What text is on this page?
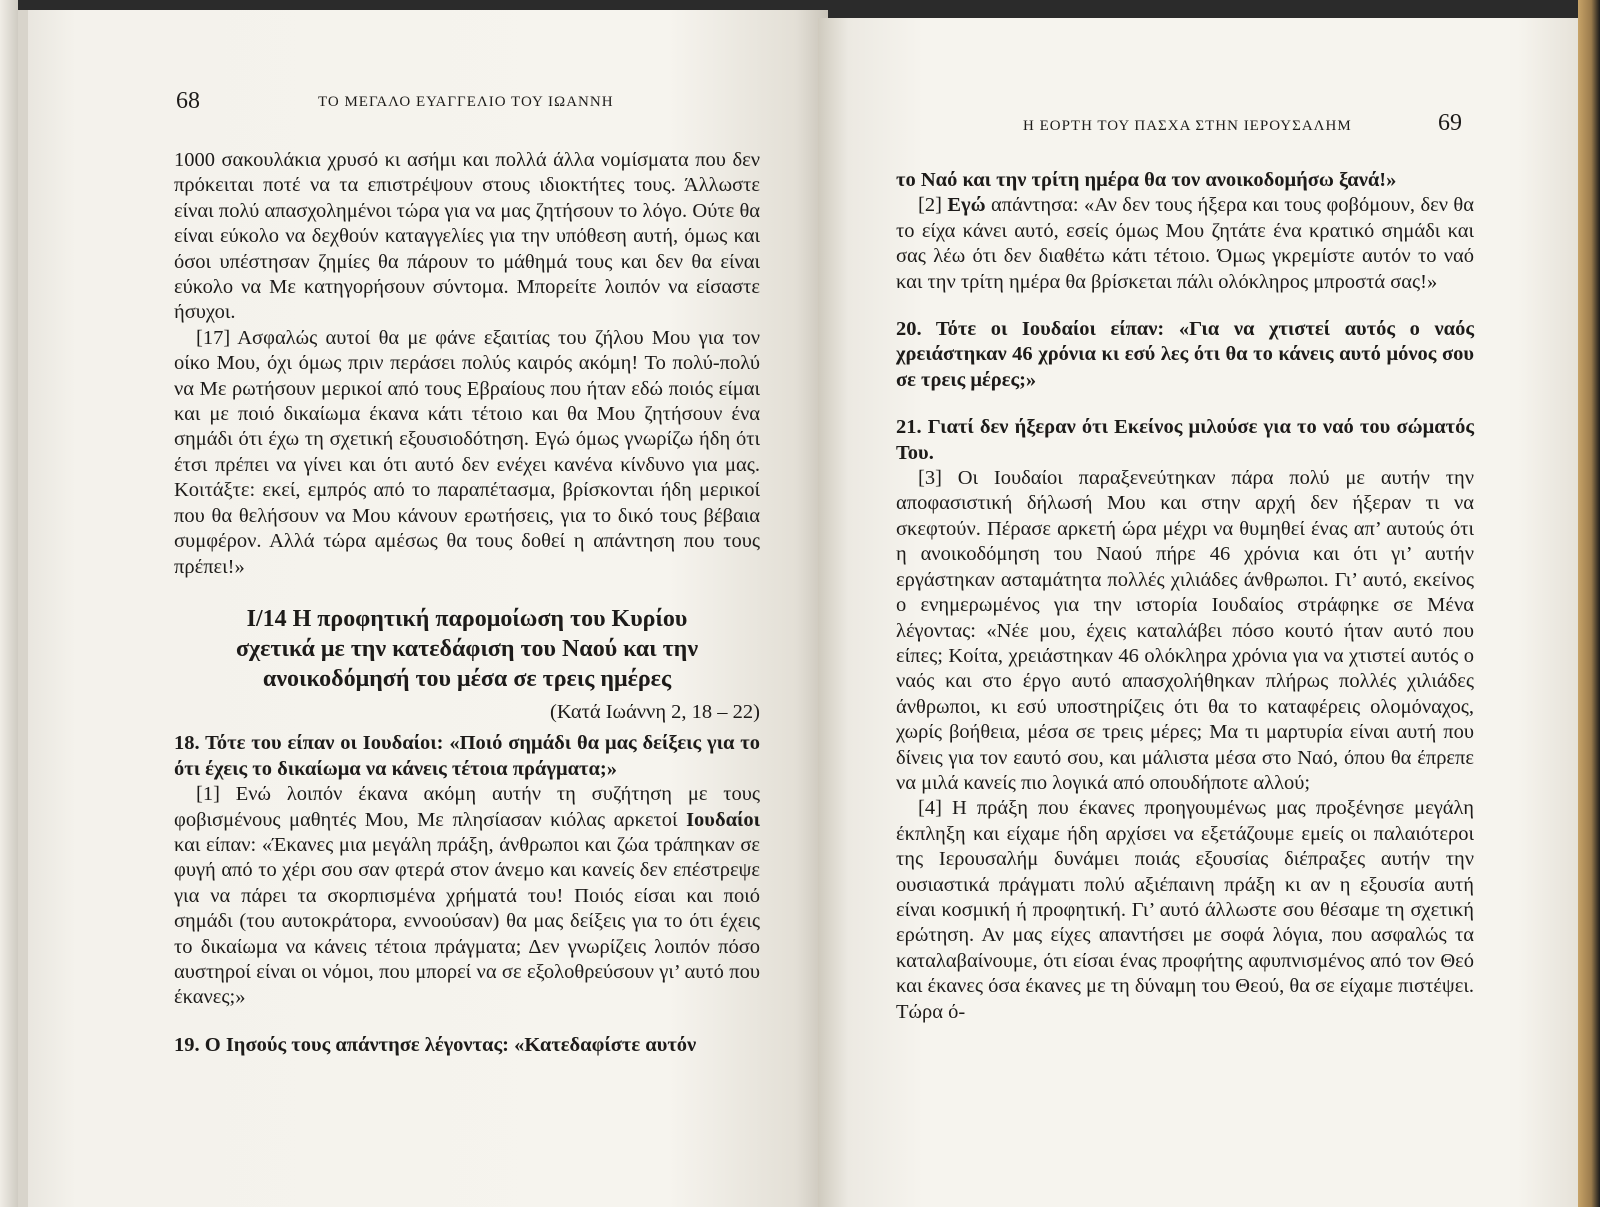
68	ΤΟ ΜΕΓΑΛΟ ΕΥΑΓΓΕΛΙΟ ΤΟΥ ΙΩΑΝΝΗ

1000 σακουλάκια χρυσό κι ασήμι και πολλά άλλα νομίσματα που δεν πρόκειται ποτέ να τα επιστρέψουν στους ιδιοκτήτες τους. Άλλωστε είναι πολύ απασχολημένοι τώρα για να μας ζητήσουν το λόγο. Ούτε θα είναι εύκολο να δεχθούν καταγγελίες για την υπόθεση αυτή, όμως και όσοι υπέστησαν ζημίες θα πάρουν το μάθημά τους και δεν θα είναι εύκολο να Με κατηγορήσουν σύντομα. Μπορείτε λοιπόν να είσαστε ήσυχοι.

[17] Ασφαλώς αυτοί θα με φάνε εξαιτίας του ζήλου Μου για τον οίκο Μου, όχι όμως πριν περάσει πολύς καιρός ακόμη! Το πολύ-πολύ να Με ρωτήσουν μερικοί από τους Εβραίους που ήταν εδώ ποιός είμαι και με ποιό δικαίωμα έκανα κάτι τέτοιο και θα Μου ζητήσουν ένα σημάδι ότι έχω τη σχετική εξουσιοδότηση. Εγώ όμως γνωρίζω ήδη ότι έτσι πρέπει να γίνει και ότι αυτό δεν ενέχει κανένα κίνδυνο για μας. Κοιτάξτε: εκεί, εμπρός από το παραπέτασμα, βρίσκονται ήδη μερικοί που θα θελήσουν να Μου κάνουν ερωτήσεις, για το δικό τους βέβαια συμφέρον. Αλλά τώρα αμέσως θα τους δοθεί η απάντηση που τους πρέπει!»

Ι/14 Η προφητική παρομοίωση του Κυρίου
σχετικά με την κατεδάφιση του Ναού και την
ανοικοδόμησή του μέσα σε τρεις ημέρες
(Κατά Ιωάννη 2, 18 – 22)

18. Τότε του είπαν οι Ιουδαίοι: «Ποιό σημάδι θα μας δείξεις για το ότι έχεις το δικαίωμα να κάνεις τέτοια πράγματα;»

[1] Ενώ λοιπόν έκανα ακόμη αυτήν τη συζήτηση με τους φοβισμένους μαθητές Μου, Με πλησίασαν κιόλας αρκετοί Ιουδαίοι και είπαν: «Έκανες μια μεγάλη πράξη, άνθρωποι και ζώα τράπηκαν σε φυγή από το χέρι σου σαν φτερά στον άνεμο και κανείς δεν επέστρεψε για να πάρει τα σκορπισμένα χρήματά του! Ποιός είσαι και ποιό σημάδι (του αυτοκράτορα, εννοούσαν) θα μας δείξεις για το ότι έχεις το δικαίωμα να κάνεις τέτοια πράγματα; Δεν γνωρίζεις λοιπόν πόσο αυστηροί είναι οι νόμοι, που μπορεί να σε εξολοθρεύσουν γι’ αυτό που έκανες;»

19. Ο Ιησούς τους απάντησε λέγοντας: «Κατεδαφίστε αυτόν

Η ΕΟΡΤΗ ΤΟΥ ΠΑΣΧΑ ΣΤΗΝ ΙΕΡΟΥΣΑΛΗΜ	69

το Ναό και την τρίτη ημέρα θα τον ανοικοδομήσω ξανά!»

[2] Εγώ απάντησα: «Αν δεν τους ήξερα και τους φοβόμουν, δεν θα το είχα κάνει αυτό, εσείς όμως Μου ζητάτε ένα κρατικό σημάδι και σας λέω ότι δεν διαθέτω κάτι τέτοιο. Όμως γκρεμίστε αυτόν το ναό και την τρίτη ημέρα θα βρίσκεται πάλι ολόκληρος μπροστά σας!»

20. Τότε οι Ιουδαίοι είπαν: «Για να χτιστεί αυτός ο ναός χρειάστηκαν 46 χρόνια κι εσύ λες ότι θα το κάνεις αυτό μόνος σου σε τρεις μέρες;»

21. Γιατί δεν ήξεραν ότι Εκείνος μιλούσε για το ναό του σώματός Του.

[3] Οι Ιουδαίοι παραξενεύτηκαν πάρα πολύ με αυτήν την αποφασιστική δήλωσή Μου και στην αρχή δεν ήξεραν τι να σκεφτούν. Πέρασε αρκετή ώρα μέχρι να θυμηθεί ένας απ’ αυτούς ότι η ανοικοδόμηση του Ναού πήρε 46 χρόνια και ότι γι’ αυτήν εργάστηκαν ασταμάτητα πολλές χιλιάδες άνθρωποι. Γι’ αυτό, εκείνος ο ενημερωμένος για την ιστορία Ιουδαίος στράφηκε σε Μένα λέγοντας: «Νέε μου, έχεις καταλάβει πόσο κουτό ήταν αυτό που είπες; Κοίτα, χρειάστηκαν 46 ολόκληρα χρόνια για να χτιστεί αυτός ο ναός και στο έργο αυτό απασχολήθηκαν πλήρως πολλές χιλιάδες άνθρωποι, κι εσύ υποστηρίζεις ότι θα το καταφέρεις ολομόναχος, χωρίς βοήθεια, μέσα σε τρεις μέρες; Μα τι μαρτυρία είναι αυτή που δίνεις για τον εαυτό σου, και μάλιστα μέσα στο Ναό, όπου θα έπρεπε να μιλά κανείς πιο λογικά από οπουδήποτε αλλού;

[4] Η πράξη που έκανες προηγουμένως μας προξένησε μεγάλη έκπληξη και είχαμε ήδη αρχίσει να εξετάζουμε εμείς οι παλαιότεροι της Ιερουσαλήμ δυνάμει ποιάς εξουσίας διέπραξες αυτήν την ουσιαστικά πράγματι πολύ αξιέπαινη πράξη κι αν η εξουσία αυτή είναι κοσμική ή προφητική. Γι’ αυτό άλλωστε σου θέσαμε τη σχετική ερώτηση. Αν μας είχες απαντήσει με σοφά λόγια, που ασφαλώς τα καταλαβαίνουμε, ότι είσαι ένας προφήτης αφυπνισμένος από τον Θεό και έκανες όσα έκανες με τη δύναμη του Θεού, θα σε είχαμε πιστέψει. Τώρα ό-
